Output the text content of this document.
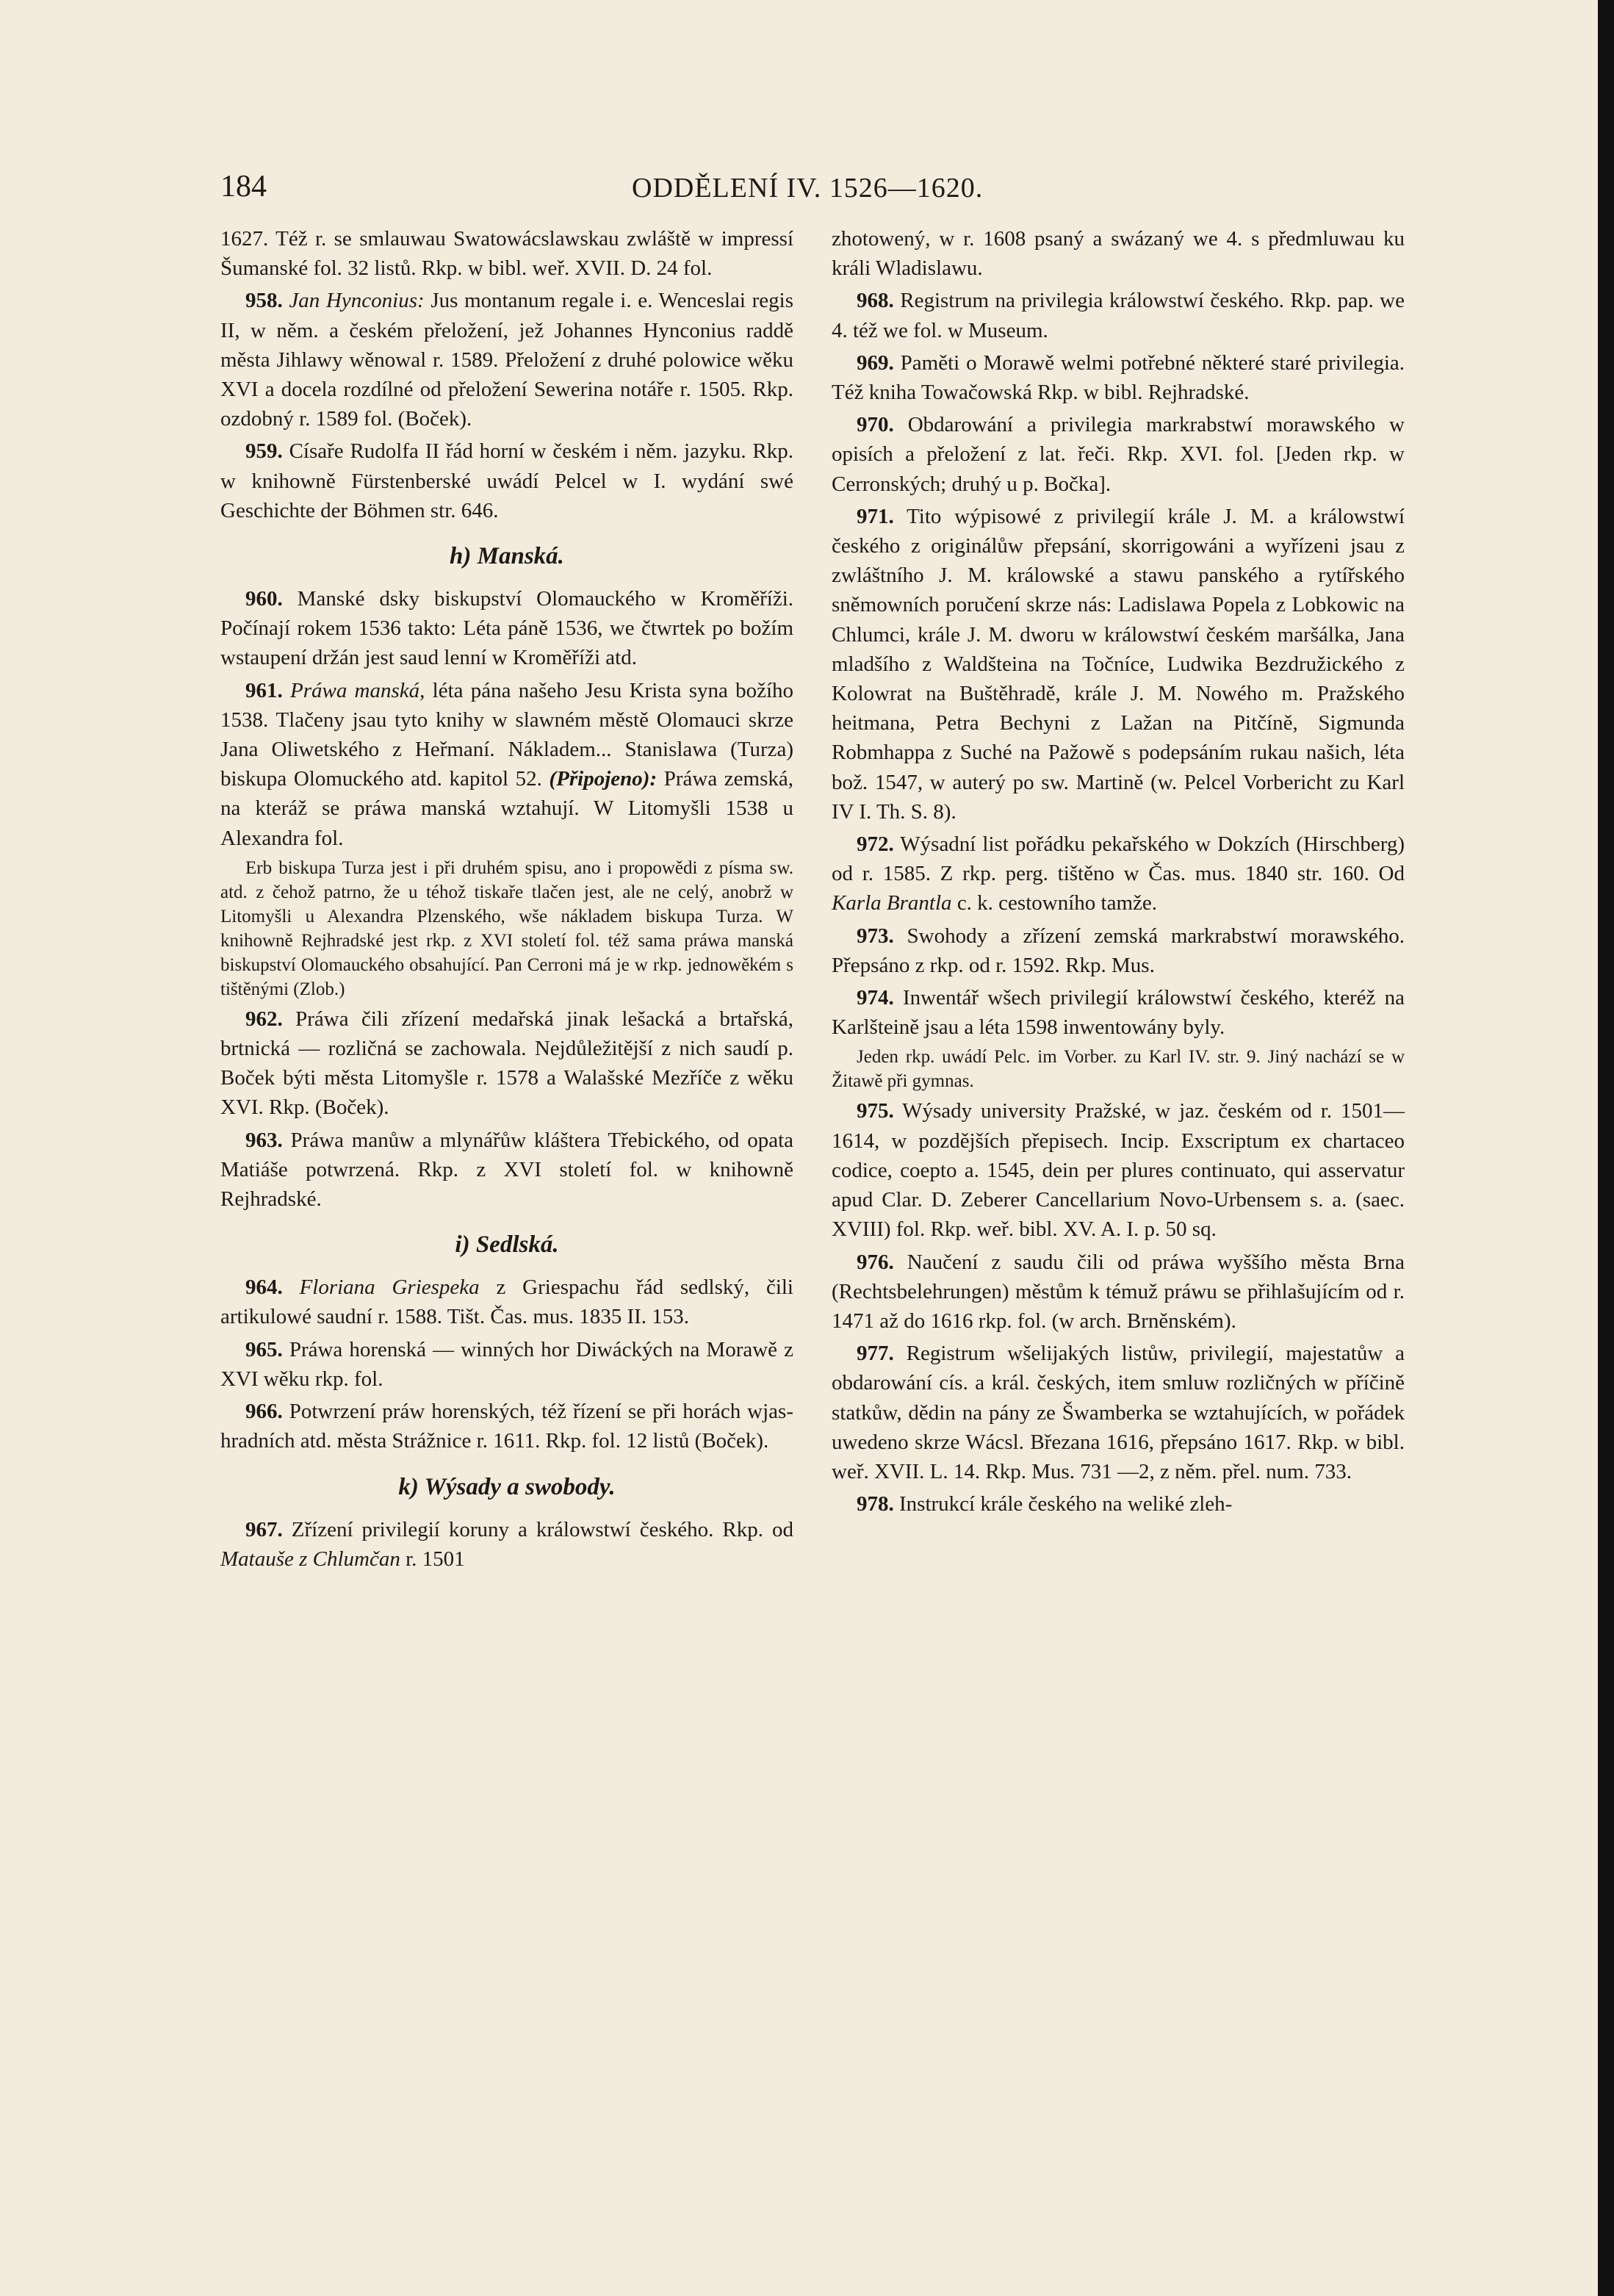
184	ODDĚLENÍ IV. 1526—1620.

1627. Též r. se smlauwau Swatowácslawskau zwláště w impressí Šumanské fol. 32 listů. Rkp. w bibl. weř. XVII. D. 24 fol.

958. Jan Hynconius: Jus montanum regale i. e. Wenceslai regis II, w něm. a českém přeložení, jež Johannes Hynconius raddě města Jihlawy wěnowal r. 1589. Přeložení z druhé polowice wěku XVI a docela rozdílné od přeložení Sewerina notáře r. 1505. Rkp. ozdobný r. 1589 fol. (Boček).

959. Císaře Rudolfa II řád horní w českém i něm. jazyku. Rkp. w knihowně Fürstenberské uwádí Pelcel w I. wydání swé Geschichte der Böhmen str. 646.

h) Manská.

960. Manské dsky biskupství Olomauckého w Kroměříži. Počínají rokem 1536 takto: Léta páně 1536, we čtwrtek po božím wstaupení držán jest saud lenní w Kroměříži atd.

961. Práwa manská, léta pána našeho Jesu Krista syna božího 1538. Tlačeny jsau tyto knihy w slawném městě Olomauci skrze Jana Oliwetského z Heřmaní. Nákladem... Stanislawa (Turza) biskupa Olomuckého atd. kapitol 52. (Připojeno): Práwa zemská, na kteráž se práwa manská wztahují. W Litomyšli 1538 u Alexandra fol.

Erb biskupa Turza jest i při druhém spisu, ano i propowědi z písma sw. atd. z čehož patrno, že u téhož tiskaře tlačen jest, ale ne celý, anobrž w Litomyšli u Alexandra Plzenského, wše nákladem biskupa Turza. W knihowně Rejhradské jest rkp. z XVI století fol. též sama práwa manská biskupství Olomauckého obsahující. Pan Cerroni má je w rkp. jednowěkém s tištěnými (Zlob.)

962. Práwa čili zřízení medařská jinak lešacká a brtařská, brtnická — rozličná se zachowala. Nejdůležitější z nich saudí p. Boček býti města Litomyšle r. 1578 a Walašské Mezříče z wěku XVI. Rkp. (Boček).

963. Práwa manůw a mlynářůw kláštera Třebického, od opata Matiáše potwrzená. Rkp. z XVI století fol. w knihowně Rejhradské.

i) Sedlská.

964. Floriana Griespeka z Griespachu řád sedlský, čili artikulowé saudní r. 1588. Tišt. Čas. mus. 1835 II. 153.

965. Práwa horenská — winných hor Diwáckých na Morawě z XVI wěku rkp. fol.

966. Potwrzení práw horenských, též řízení se při horách wjas-hradních atd. města Strážnice r. 1611. Rkp. fol. 12 listů (Boček).

k) Wýsady a swobody.

967. Zřízení privilegií koruny a králowstwí českého. Rkp. od Matauše z Chlumčan r. 1501

zhotowený, w r. 1608 psaný a swázaný we 4. s předmluwau ku králi Wladislawu.

968. Registrum na privilegia králowstwí českého. Rkp. pap. we 4. též we fol. w Museum.

969. Paměti o Morawě welmi potřebné některé staré privilegia. Též kniha Towačowská Rkp. w bibl. Rejhradské.

970. Obdarowání a privilegia markrabstwí morawského w opisích a přeložení z lat. řeči. Rkp. XVI. fol. [Jeden rkp. w Cerronských; druhý u p. Bočka].

971. Tito wýpisowé z privilegií krále J. M. a králowstwí českého z originálůw přepsání, skorrigowáni a wyřízeni jsau z zwláštního J. M. králowské a stawu panského a rytířského sněmowních poručení skrze nás: Ladislawa Popela z Lobkowic na Chlumci, krále J. M. dworu w králowstwí českém maršálka, Jana mladšího z Waldšteina na Točníce, Ludwika Bezdružického z Kolowrat na Buštěhradě, krále J. M. Nowého m. Pražského heitmana, Petra Bechyni z Lažan na Pitčíně, Sigmunda Robmhappa z Suché na Pažowě s podepsáním rukau našich, léta bož. 1547, w auterý po sw. Martině (w. Pelcel Vorbericht zu Karl IV I. Th. S. 8).

972. Wýsadní list pořádku pekařského w Dokzích (Hirschberg) od r. 1585. Z rkp. perg. tištěno w Čas. mus. 1840 str. 160. Od Karla Brantla c. k. cestowního tamže.

973. Swohody a zřízení zemská markrabstwí morawského. Přepsáno z rkp. od r. 1592. Rkp. Mus.

974. Inwentář wšech privilegií králowstwí českého, kteréž na Karlšteině jsau a léta 1598 inwentowány byly.

Jeden rkp. uwádí Pelc. im Vorber. zu Karl IV. str. 9. Jiný nachází se w Žitawě při gymnas.

975. Wýsady university Pražské, w jaz. českém od r. 1501—1614, w pozdějších přepisech. Incip. Exscriptum ex chartaceo codice, coepto a. 1545, dein per plures continuato, qui asservatur apud Clar. D. Zeberer Cancellarium Novo-Urbensem s. a. (saec. XVIII) fol. Rkp. weř. bibl. XV. A. I. p. 50 sq.

976. Naučení z saudu čili od práwa wyššího města Brna (Rechtsbelehrungen) městům k témuž práwu se přihlašujícím od r. 1471 až do 1616 rkp. fol. (w arch. Brněnském).

977. Registrum wšelijakých listůw, privilegií, majestatůw a obdarowání cís. a král. českých, item smluw rozličných w příčině statkůw, dědin na pány ze Šwamberka se wztahujících, w pořádek uwedeno skrze Wácsl. Březana 1616, přepsáno 1617. Rkp. w bibl. weř. XVII. L. 14. Rkp. Mus. 731 —2, z něm. přel. num. 733.

978. Instrukcí krále českého na weliké zleh-
